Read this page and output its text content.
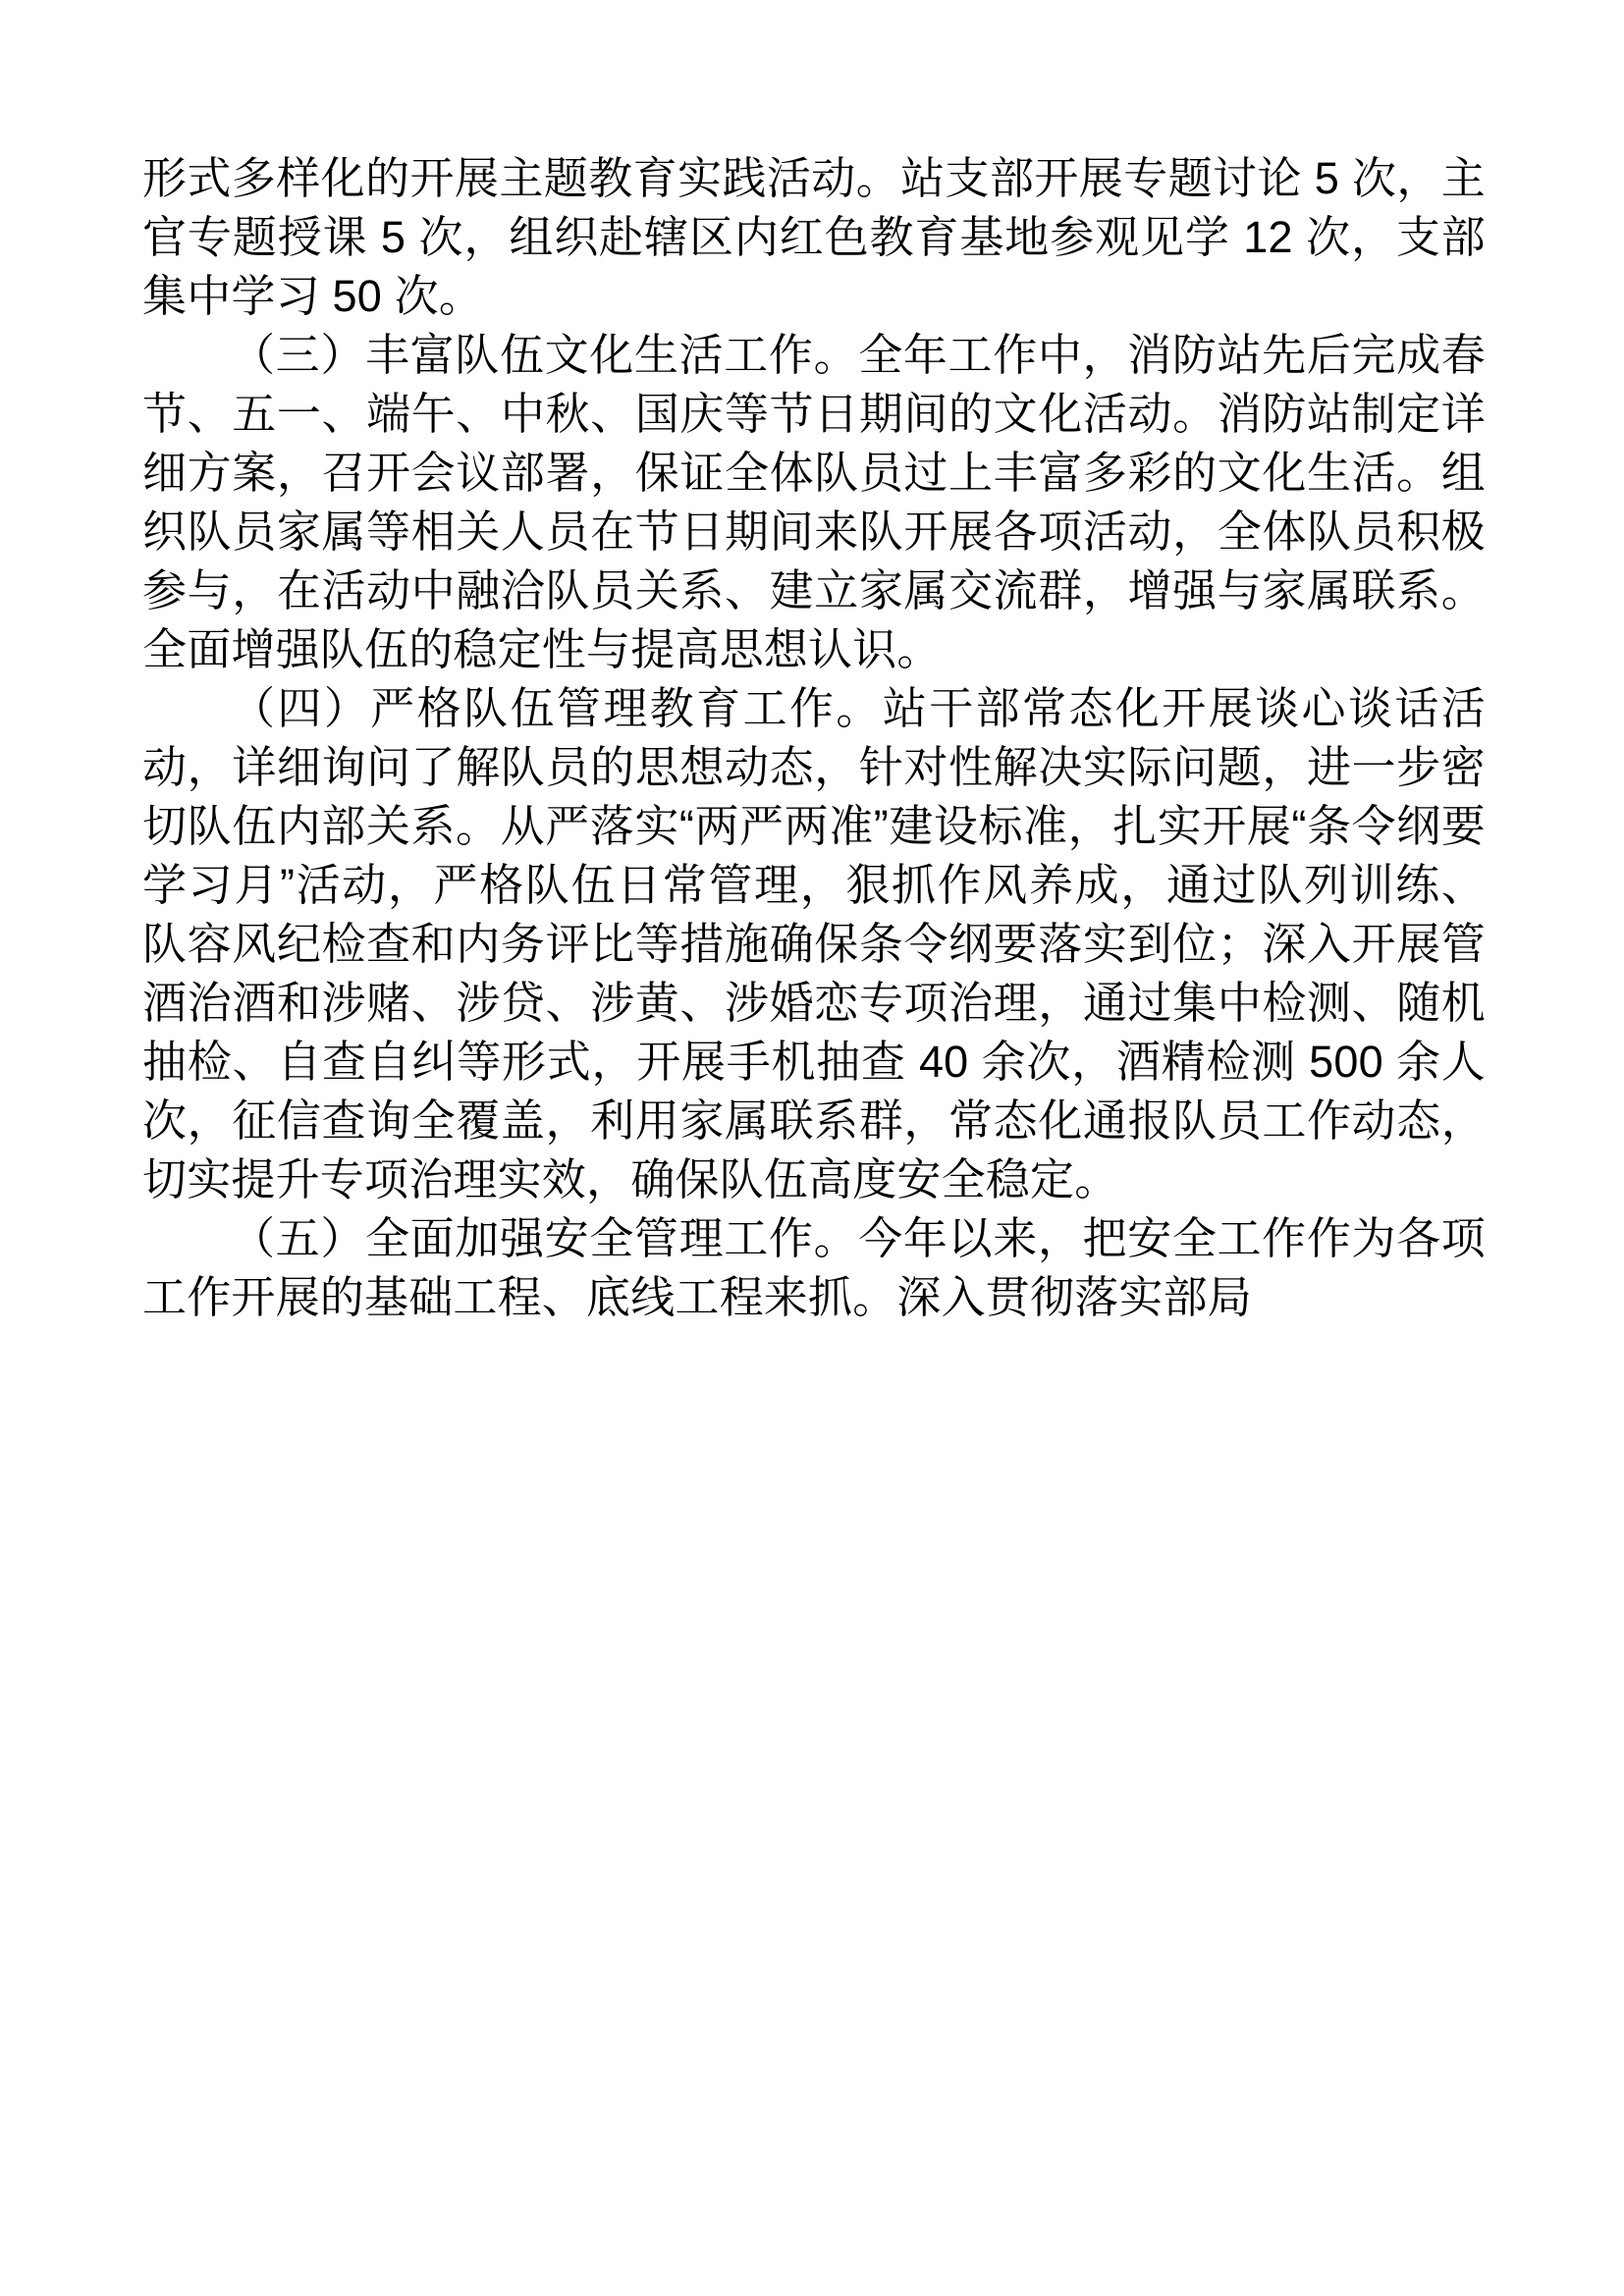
形式多样化的开展主题教育实践活动。站支部开展专题讨论 5 次，主官专题授课 5 次，组织赴辖区内红色教育基地参观见学 12 次，支部集中学习 50 次。

（三）丰富队伍文化生活工作。全年工作中，消防站先后完成春节、五一、端午、中秋、国庆等节日期间的文化活动。消防站制定详细方案，召开会议部署，保证全体队员过上丰富多彩的文化生活。组织队员家属等相关人员在节日期间来队开展各项活动，全体队员积极参与，在活动中融洽队员关系、建立家属交流群，增强与家属联系。全面增强队伍的稳定性与提高思想认识。

（四）严格队伍管理教育工作。站干部常态化开展谈心谈话活动，详细询问了解队员的思想动态，针对性解决实际问题，进一步密切队伍内部关系。从严落实“两严两准”建设标准，扎实开展“条令纲要学习月”活动，严格队伍日常管理，狠抓作风养成，通过队列训练、队容风纪检查和内务评比等措施确保条令纲要落实到位；深入开展管酒治酒和涉赌、涉贷、涉黄、涉婚恋专项治理，通过集中检测、随机抽检、自查自纠等形式，开展手机抽查 40 余次，酒精检测 500 余人次，征信查询全覆盖，利用家属联系群，常态化通报队员工作动态，切实提升专项治理实效，确保队伍高度安全稳定。

（五）全面加强安全管理工作。今年以来，把安全工作作为各项工作开展的基础工程、底线工程来抓。深入贯彻落实部局
